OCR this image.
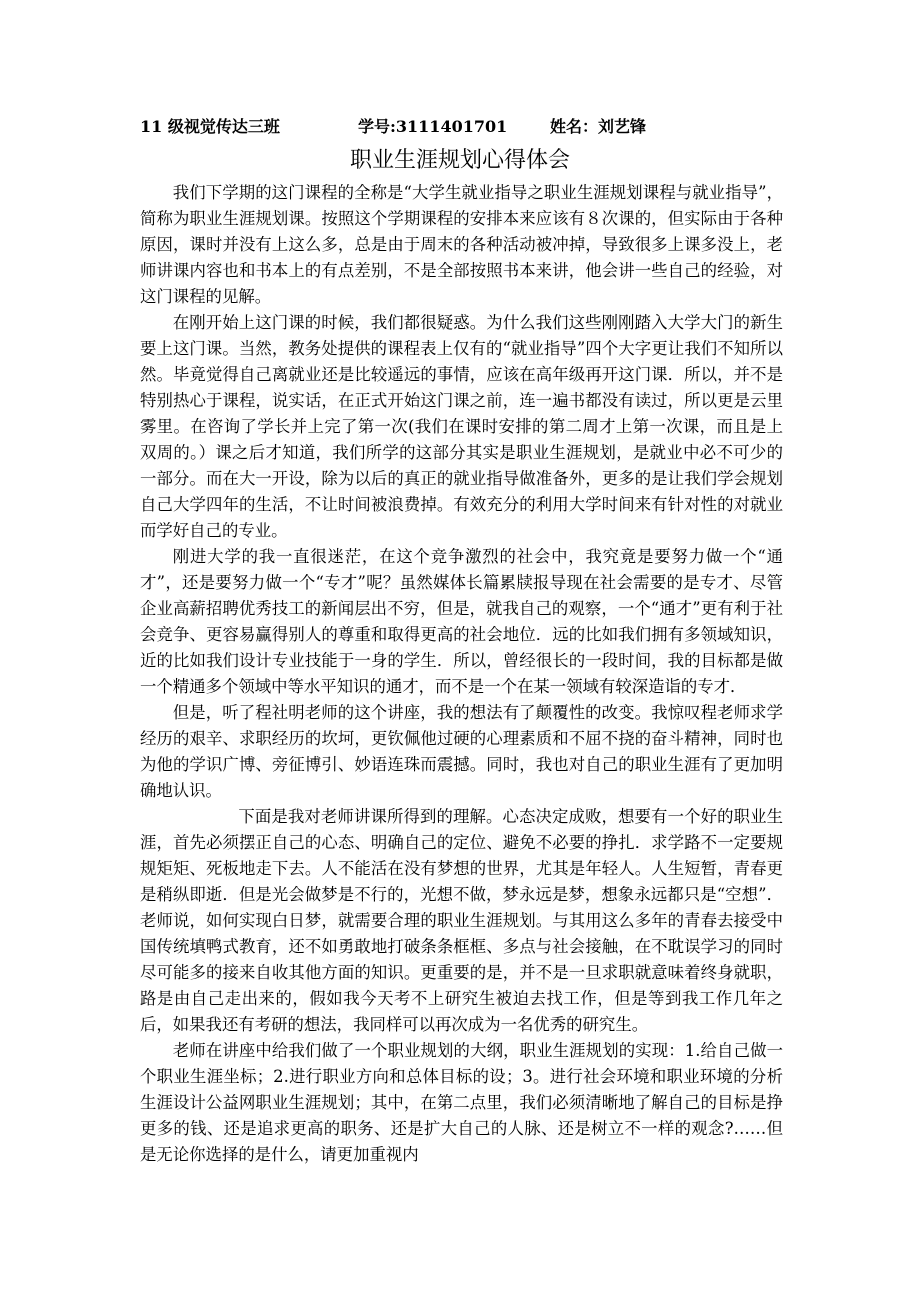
11 级视觉传达三班	学号:3111401701	姓名：刘艺锋
职业生涯规划心得体会

我们下学期的这门课程的全称是“大学生就业指导之职业生涯规划课程与就业指导”，简称为职业生涯规划课。按照这个学期课程的安排本来应该有８次课的，但实际由于各种原因，课时并没有上这么多，总是由于周末的各种活动被冲掉，导致很多上课多没上，老师讲课内容也和书本上的有点差别，不是全部按照书本来讲，他会讲一些自己的经验，对这门课程的见解。

在刚开始上这门课的时候，我们都很疑惑。为什么我们这些刚刚踏入大学大门的新生要上这门课。当然，教务处提供的课程表上仅有的“就业指导”四个大字更让我们不知所以然。毕竟觉得自己离就业还是比较遥远的事情，应该在高年级再开这门课．所以，并不是特别热心于课程，说实话，在正式开始这门课之前，连一遍书都没有读过，所以更是云里雾里。在咨询了学长并上完了第一次(我们在课时安排的第二周才上第一次课，而且是上双周的。）课之后才知道，我们所学的这部分其实是职业生涯规划，是就业中必不可少的一部分。而在大一开设，除为以后的真正的就业指导做准备外，更多的是让我们学会规划自己大学四年的生活，不让时间被浪费掉。有效充分的利用大学时间来有针对性的对就业而学好自己的专业。

刚进大学的我一直很迷茫，在这个竞争激烈的社会中，我究竟是要努力做一个“通才”，还是要努力做一个“专才”呢？虽然媒体长篇累牍报导现在社会需要的是专才、尽管企业高薪招聘优秀技工的新闻层出不穷，但是，就我自己的观察，一个“通才”更有利于社会竞争、更容易赢得别人的尊重和取得更高的社会地位．远的比如我们拥有多领域知识，近的比如我们设计专业技能于一身的学生．所以，曾经很长的一段时间，我的目标都是做一个精通多个领域中等水平知识的通才，而不是一个在某一领域有较深造诣的专才．

但是，听了程社明老师的这个讲座，我的想法有了颠覆性的改变。我惊叹程老师求学经历的艰辛、求职经历的坎坷，更钦佩他过硬的心理素质和不屈不挠的奋斗精神，同时也为他的学识广博、旁征博引、妙语连珠而震撼。同时，我也对自己的职业生涯有了更加明确地认识。

下面是我对老师讲课所得到的理解。心态决定成败，想要有一个好的职业生涯，首先必须摆正自己的心态、明确自己的定位、避免不必要的挣扎．求学路不一定要规规矩矩、死板地走下去。人不能活在没有梦想的世界，尤其是年轻人。人生短暂，青春更是稍纵即逝．但是光会做梦是不行的，光想不做，梦永远是梦，想象永远都只是“空想”．老师说，如何实现白日梦，就需要合理的职业生涯规划。与其用这么多年的青春去接受中国传统填鸭式教育，还不如勇敢地打破条条框框、多点与社会接触，在不耽误学习的同时尽可能多的接来自收其他方面的知识。更重要的是，并不是一旦求职就意味着终身就职，路是由自己走出来的，假如我今天考不上研究生被迫去找工作，但是等到我工作几年之后，如果我还有考研的想法，我同样可以再次成为一名优秀的研究生。

老师在讲座中给我们做了一个职业规划的大纲，职业生涯规划的实现：1.给自己做一个职业生涯坐标；2.进行职业方向和总体目标的设；3。进行社会环境和职业环境的分析生涯设计公益网职业生涯规划；其中，在第二点里，我们必须清晰地了解自己的目标是挣更多的钱、还是追求更高的职务、还是扩大自己的人脉、还是树立不一样的观念?……但是无论你选择的是什么，请更加重视内
